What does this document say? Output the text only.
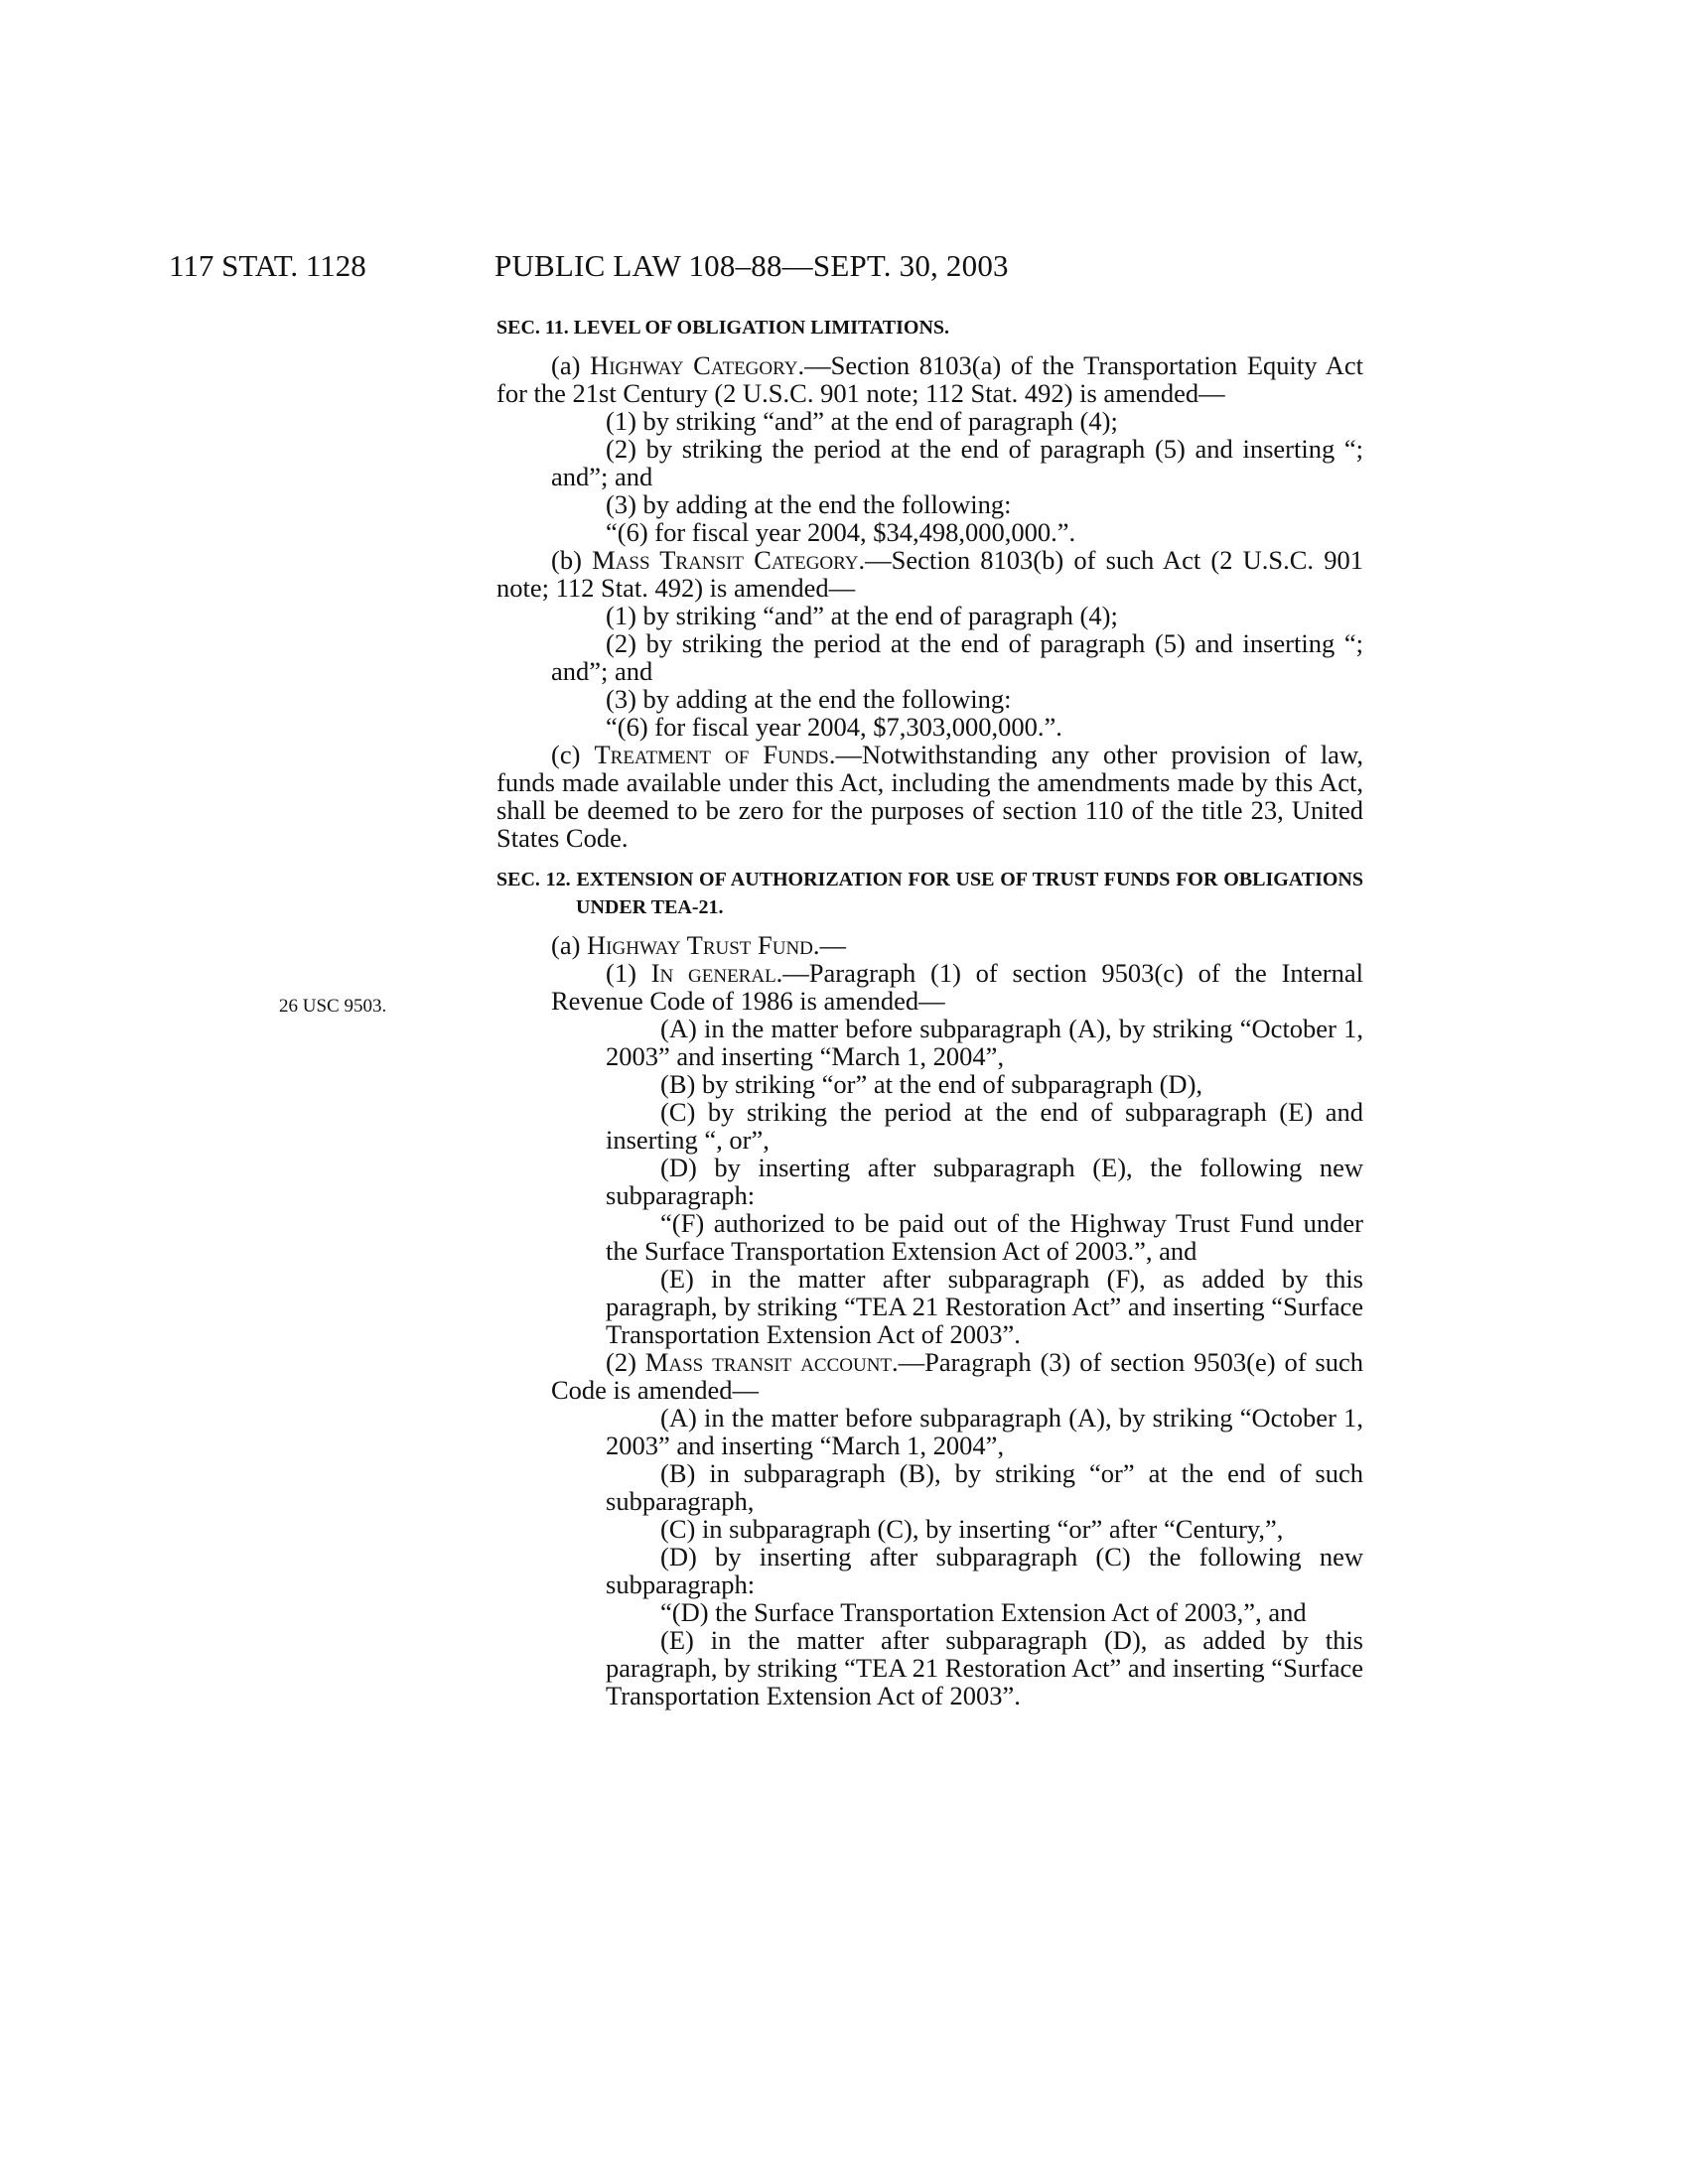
117 STAT. 1128	PUBLIC LAW 108–88—SEPT. 30, 2003
26 USC 9503.
SEC. 11. LEVEL OF OBLIGATION LIMITATIONS.

(a) Highway Category.—Section 8103(a) of the Transportation Equity Act for the 21st Century (2 U.S.C. 901 note; 112 Stat. 492) is amended—

(1) by striking “and” at the end of paragraph (4);

(2) by striking the period at the end of paragraph (5) and inserting “; and”; and

(3) by adding at the end the following:

“(6) for fiscal year 2004, $34,498,000,000.”.

(b) Mass Transit Category.—Section 8103(b) of such Act (2 U.S.C. 901 note; 112 Stat. 492) is amended—

(1) by striking “and” at the end of paragraph (4);

(2) by striking the period at the end of paragraph (5) and inserting “; and”; and

(3) by adding at the end the following:

“(6) for fiscal year 2004, $7,303,000,000.”.

(c) Treatment of Funds.—Notwithstanding any other provision of law, funds made available under this Act, including the amendments made by this Act, shall be deemed to be zero for the purposes of section 110 of the title 23, United States Code.

SEC. 12. EXTENSION OF AUTHORIZATION FOR USE OF TRUST FUNDS FOR OBLIGATIONS UNDER TEA-21.

(a) Highway Trust Fund.—

(1) In general.—Paragraph (1) of section 9503(c) of the Internal Revenue Code of 1986 is amended—

(A) in the matter before subparagraph (A), by striking “October 1, 2003” and inserting “March 1, 2004”,

(B) by striking “or” at the end of subparagraph (D),

(C) by striking the period at the end of subparagraph (E) and inserting “, or”,

(D) by inserting after subparagraph (E), the following new subparagraph:

“(F) authorized to be paid out of the Highway Trust Fund under the Surface Transportation Extension Act of 2003.”, and

(E) in the matter after subparagraph (F), as added by this paragraph, by striking “TEA 21 Restoration Act” and inserting “Surface Transportation Extension Act of 2003”.

(2) Mass transit account.—Paragraph (3) of section 9503(e) of such Code is amended—

(A) in the matter before subparagraph (A), by striking “October 1, 2003” and inserting “March 1, 2004”,

(B) in subparagraph (B), by striking “or” at the end of such subparagraph,

(C) in subparagraph (C), by inserting “or” after “Century,”,

(D) by inserting after subparagraph (C) the following new subparagraph:

“(D) the Surface Transportation Extension Act of 2003,”, and

(E) in the matter after subparagraph (D), as added by this paragraph, by striking “TEA 21 Restoration Act” and inserting “Surface Transportation Extension Act of 2003”.
